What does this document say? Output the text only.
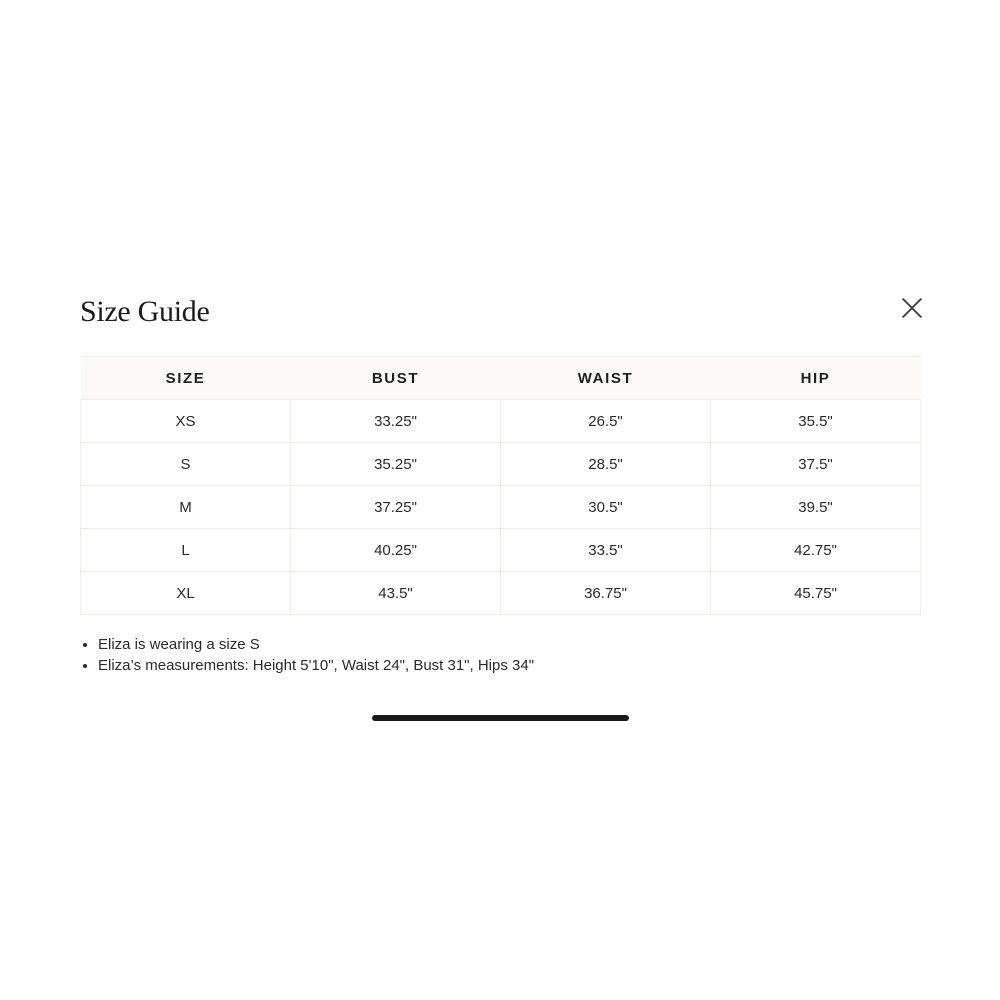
Size Guide
SIZE	BUST	WAIST	HIP
XS	33.25"	26.5"	35.5"
S	35.25"	28.5"	37.5"
M	37.25"	30.5"	39.5"
L	40.25"	33.5"	42.75"
XL	43.5"	36.75"	45.75"
• Eliza is wearing a size S
• Eliza’s measurements: Height 5'10", Waist 24", Bust 31", Hips 34"
